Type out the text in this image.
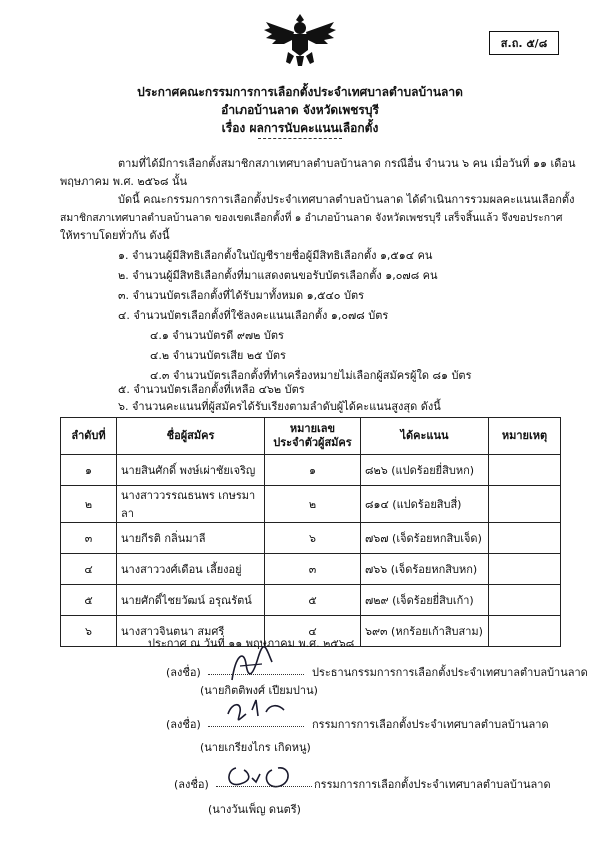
ส.ถ. ๕/๘
ประกาศคณะกรรมการการเลือกตั้งประจำเทศบาลตำบลบ้านลาด
อำเภอบ้านลาด จังหวัดเพชรบุรี
เรื่อง ผลการนับคะแนนเลือกตั้ง
ตามที่ได้มีการเลือกตั้งสมาชิกสภาเทศบาลตำบลบ้านลาด กรณีอื่น จำนวน ๖ คน เมื่อวันที่ ๑๑ เดือน
พฤษภาคม พ.ศ. ๒๕๖๘ นั้น
บัดนี้ คณะกรรมการการเลือกตั้งประจำเทศบาลตำบลบ้านลาด ได้ดำเนินการรวมผลคะแนนเลือกตั้ง
สมาชิกสภาเทศบาลตำบลบ้านลาด ของเขตเลือกตั้งที่ ๑ อำเภอบ้านลาด จังหวัดเพชรบุรี เสร็จสิ้นแล้ว จึงขอประกาศ
ให้ทราบโดยทั่วกัน ดังนี้
๑. จำนวนผู้มีสิทธิเลือกตั้งในบัญชีรายชื่อผู้มีสิทธิเลือกตั้ง ๑,๕๑๔ คน
๒. จำนวนผู้มีสิทธิเลือกตั้งที่มาแสดงตนขอรับบัตรเลือกตั้ง ๑,๐๗๘ คน
๓. จำนวนบัตรเลือกตั้งที่ได้รับมาทั้งหมด ๑,๕๔๐ บัตร
๔. จำนวนบัตรเลือกตั้งที่ใช้ลงคะแนนเลือกตั้ง ๑,๐๗๘ บัตร
๔.๑ จำนวนบัตรดี ๙๗๒ บัตร
๔.๒ จำนวนบัตรเสีย ๒๕ บัตร
๔.๓ จำนวนบัตรเลือกตั้งที่ทำเครื่องหมายไม่เลือกผู้สมัครผู้ใด ๘๑ บัตร
๕. จำนวนบัตรเลือกตั้งที่เหลือ ๔๖๒ บัตร
๖. จำนวนคะแนนที่ผู้สมัครได้รับเรียงตามลำดับผู้ได้คะแนนสูงสุด ดังนี้
ลำดับที่	ชื่อผู้สมัคร	หมายเลข
ประจำตัวผู้สมัคร	ได้คะแนน	หมายเหตุ
๑	นายสินศักดิ์ พงษ์เผ่าชัยเจริญ	๑	๘๒๖ (แปดร้อยยี่สิบหก)	
๒	นางสาววรรณธนพร เกษรมาลา	๒	๘๑๔ (แปดร้อยสิบสี่)	
๓	นายกีรติ กลิ่นมาลี	๖	๗๖๗ (เจ็ดร้อยหกสิบเจ็ด)	
๔	นางสาววงศ์เดือน เลี้ยงอยู่	๓	๗๖๖ (เจ็ดร้อยหกสิบหก)	
๕	นายศักดิ์ไชยวัฒน์ อรุณรัตน์	๕	๗๒๙ (เจ็ดร้อยยี่สิบเก้า)	
๖	นางสาวจินตนา สมศรี	๔	๖๙๓ (หกร้อยเก้าสิบสาม)	
ประกาศ ณ วันที่ ๑๑ พฤษภาคม พ.ศ. ๒๕๖๘
(ลงชื่อ)	ประธานกรรมการการเลือกตั้งประจำเทศบาลตำบลบ้านลาด
(นายกิตติพงศ์ เปียมปาน)
(ลงชื่อ)	กรรมการการเลือกตั้งประจำเทศบาลตำบลบ้านลาด
(นายเกรียงไกร เกิดหนู)
(ลงชื่อ)	กรรมการการเลือกตั้งประจำเทศบาลตำบลบ้านลาด
(นางวันเพ็ญ ดนตรี)
